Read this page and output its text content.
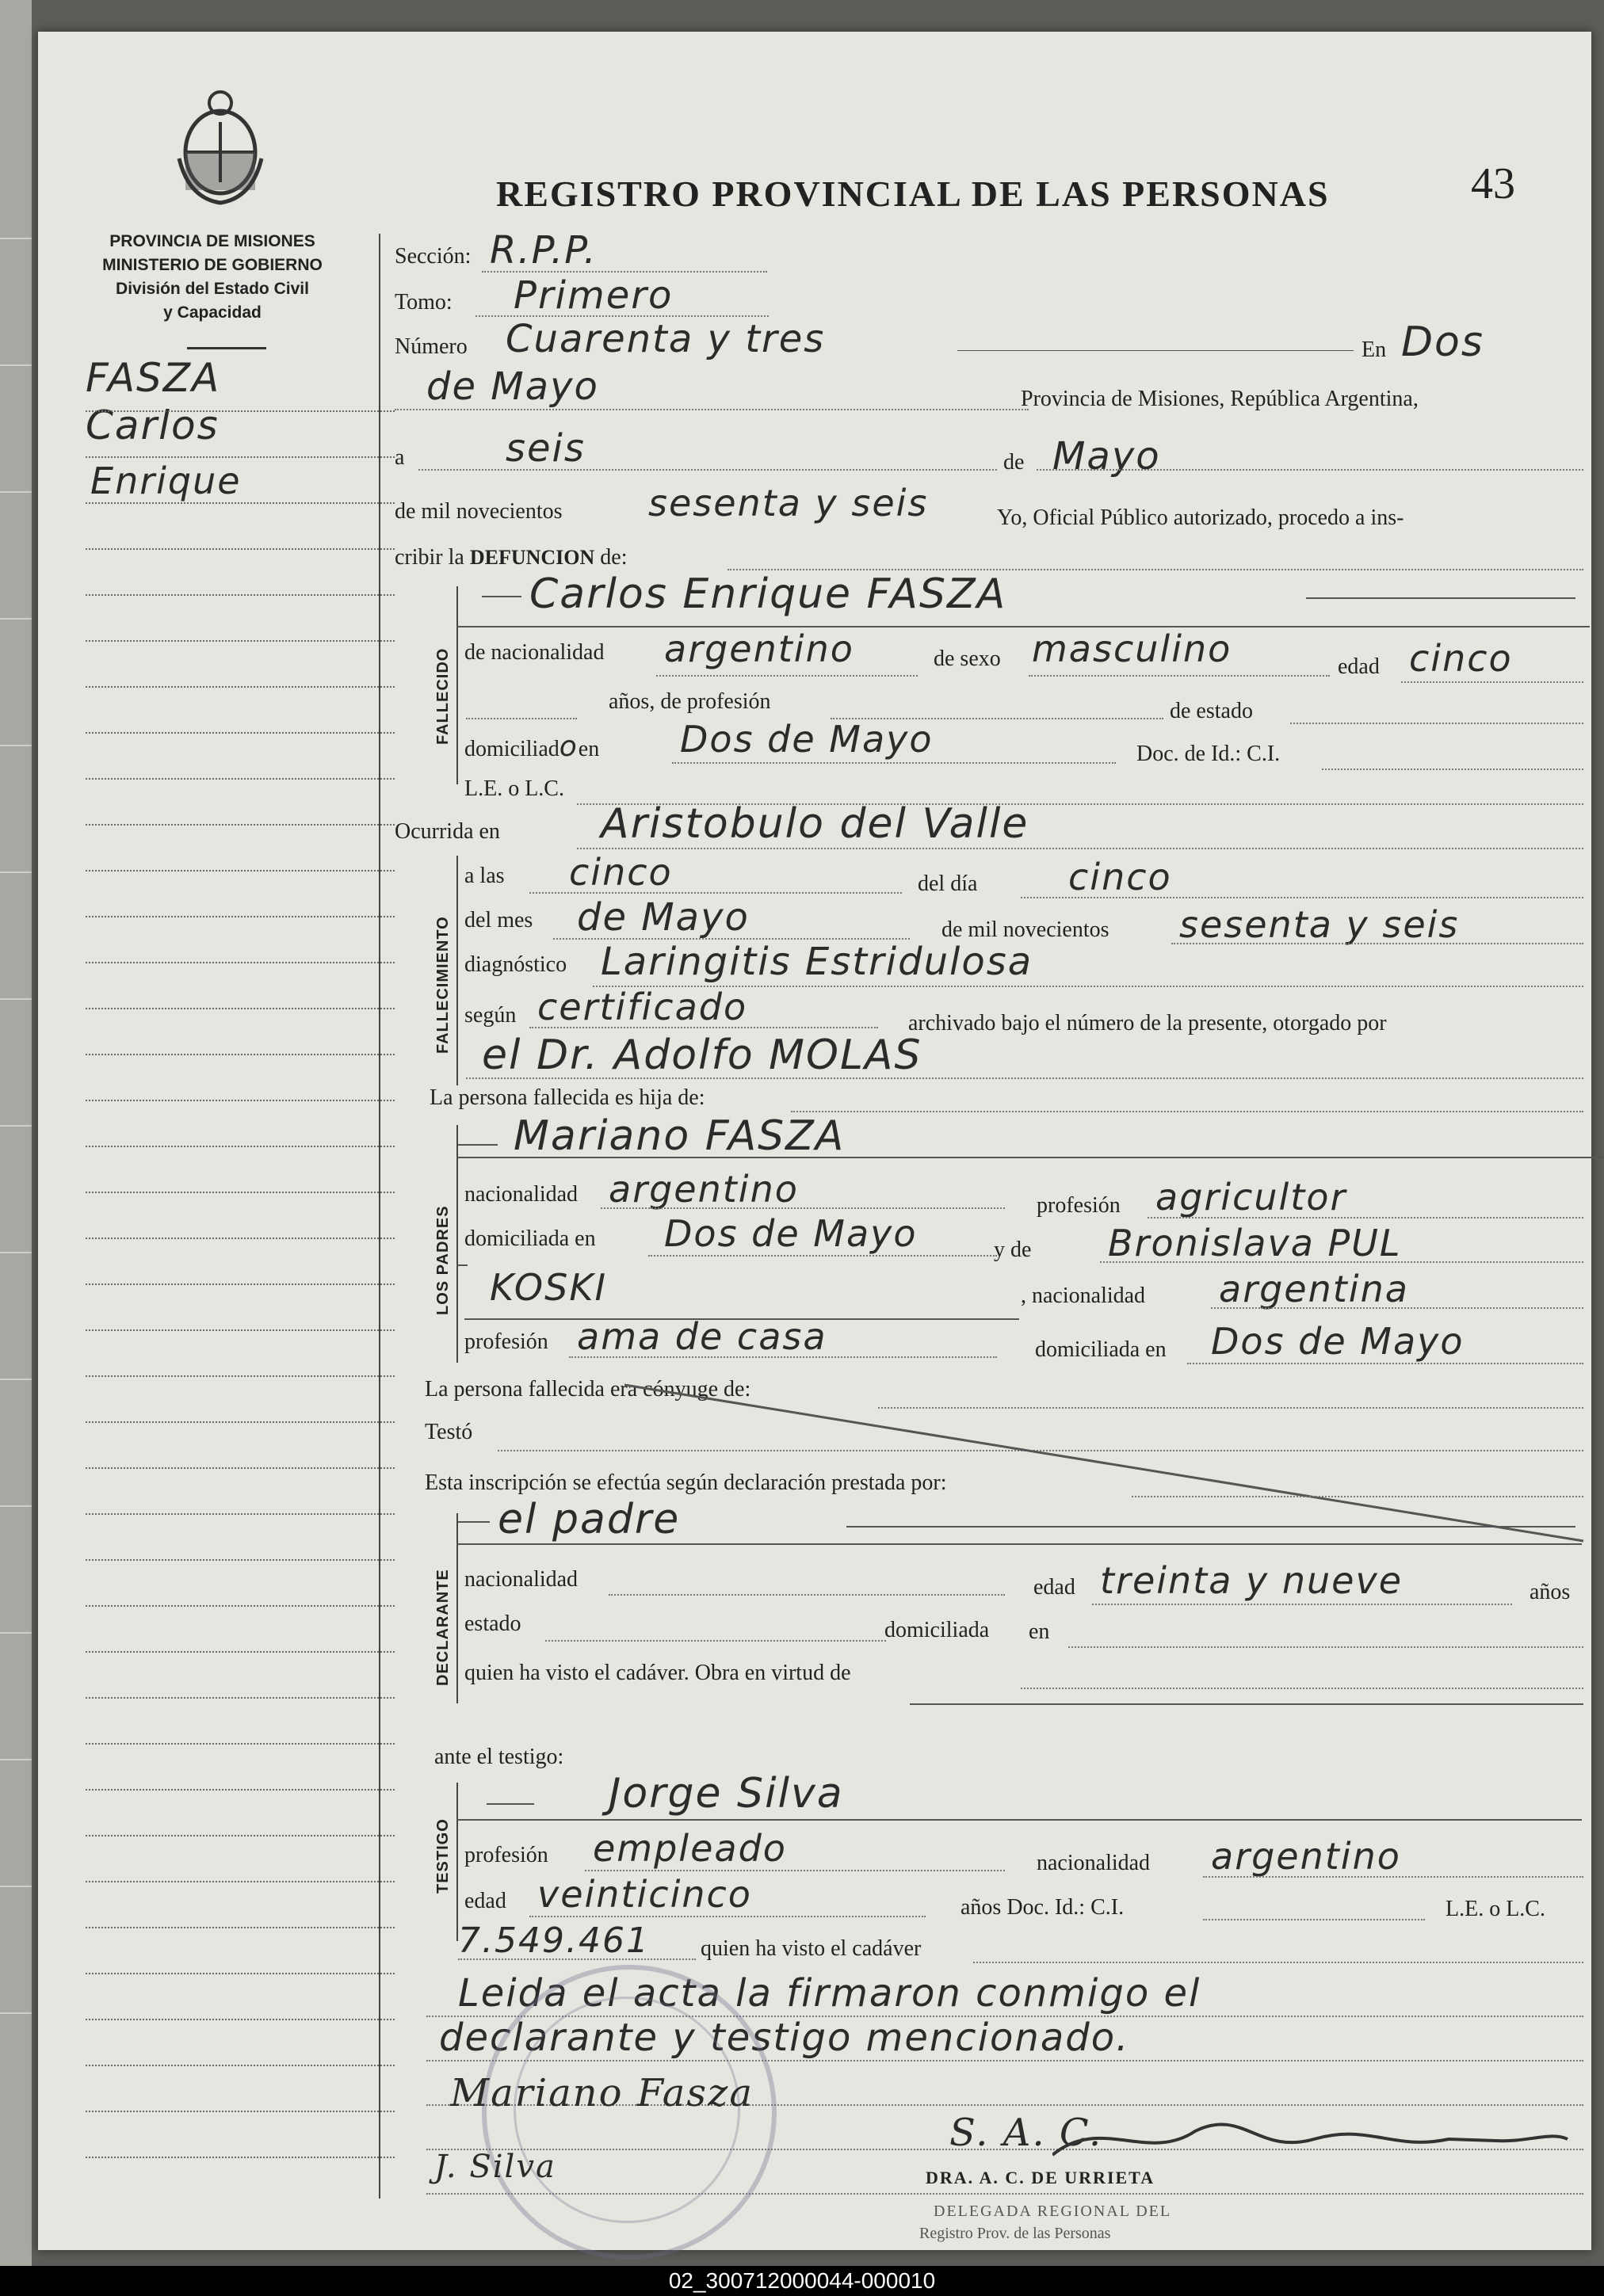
REGISTRO PROVINCIAL DE LAS PERSONAS	43
PROVINCIA DE MISIONES
MINISTERIO DE GOBIERNO
División del Estado Civil
y Capacidad
FASZA
Carlos
Enrique
Sección: R.P.P.
Tomo: Primero
Número Cuarenta y tres	En Dos
de Mayo	Provincia de Misiones, República Argentina,
a	seis	de Mayo
de mil novecientos sesenta y seis	Yo, Oficial Público autorizado, procedo a ins-
cribir la DEFUNCION de:
FALLECIDO
Carlos Enrique FASZA
de nacionalidad argentino	de sexo masculino	edad cinco
años, de profesión	de estado
domiciliadoen Dos de Mayo	Doc. de Id.: C.I.
L.E. o L.C.
Ocurrida en Aristobulo del Valle
FALLECIMIENTO
a las cinco	del día cinco
del mes de Mayo	de mil novecientos sesenta y seis
diagnóstico Laringitis Estridulosa
según certificado	archivado bajo el número de la presente, otorgado por
el Dr. Adolfo MOLAS
La persona fallecida es hija de:
LOS PADRES
Mariano FASZA
nacionalidad argentino	profesión agricultor
domiciliada en Dos de Mayo	y de Bronislava PUL
KOSKI	, nacionalidad argentina
profesión ama de casa	domiciliada en Dos de Mayo
La persona fallecida era cónyuge de:
Testó
Esta inscripción se efectúa según declaración prestada por:
DECLARANTE
el padre
nacionalidad	edad treinta y nueve	años
estado	domiciliada en
quien ha visto el cadáver. Obra en virtud de
ante el testigo:
TESTIGO
Jorge Silva
profesión empleado	nacionalidad argentino
edad veinticinco	años Doc. Id.: C.I.	L.E. o L.C.
7.549.461 quien ha visto el cadáver
Leida el acta la firmaron conmigo el
declarante y testigo mencionado.
Mariano Fasza
J. Silva
S. A. C.
DRA. A. C. DE URRIETA
DELEGADA REGIONAL DEL
Registro Prov. de las Personas
02_300712000044-000010
